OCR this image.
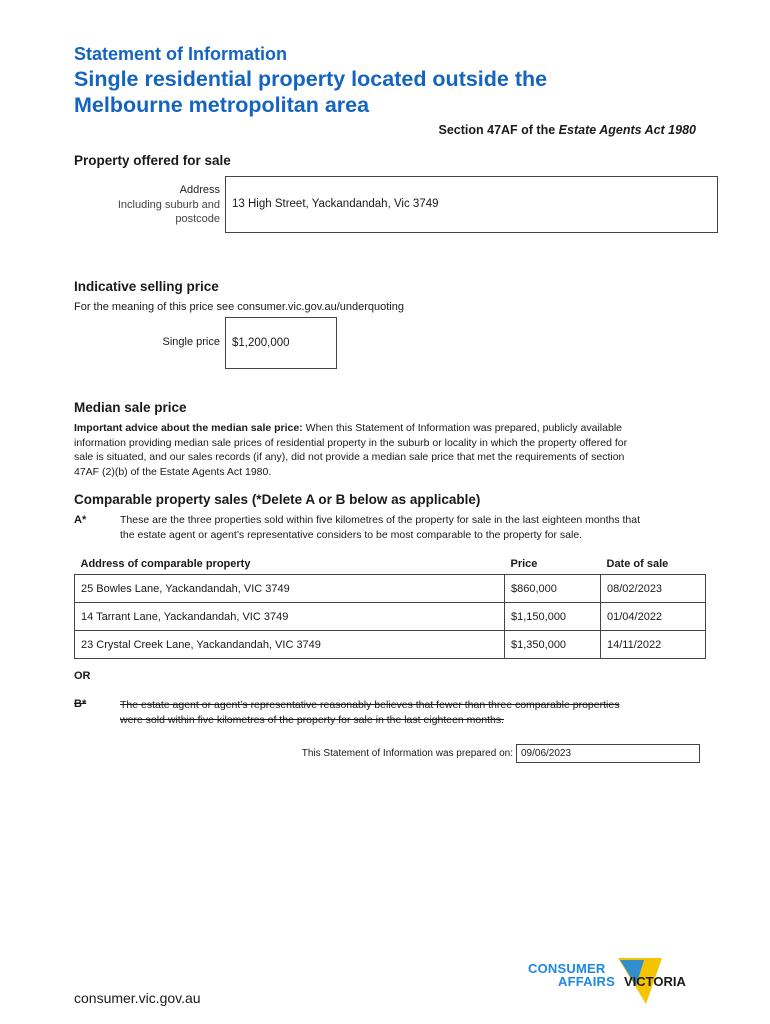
Statement of Information
Single residential property located outside the
Melbourne metropolitan area
Section 47AF of the Estate Agents Act 1980
Property offered for sale
Address
Including suburb and
postcode
13 High Street, Yackandandah, Vic 3749
Indicative selling price
For the meaning of this price see consumer.vic.gov.au/underquoting
Single price	$1,200,000
Median sale price
Important advice about the median sale price: When this Statement of Information was prepared, publicly available
information providing median sale prices of residential property in the suburb or locality in which the property offered for
sale is situated, and our sales records (if any), did not provide a median sale price that met the requirements of section
47AF (2)(b) of the Estate Agents Act 1980.
Comparable property sales (*Delete A or B below as applicable)
A*	These are the three properties sold within five kilometres of the property for sale in the last eighteen months that
the estate agent or agent’s representative considers to be most comparable to the property for sale.
Address of comparable property	Price	Date of sale
25 Bowles Lane, Yackandandah, VIC 3749	$860,000	08/02/2023
14 Tarrant Lane, Yackandandah, VIC 3749	$1,150,000	01/04/2022
23 Crystal Creek Lane, Yackandandah, VIC 3749	$1,350,000	14/11/2022
OR
B*	The estate agent or agent’s representative reasonably believes that fewer than three comparable properties
were sold within five kilometres of the property for sale in the last eighteen months.
This Statement of Information was prepared on: 09/06/2023
consumer.vic.gov.au
CONSUMER
AFFAIRS VICTORIA
